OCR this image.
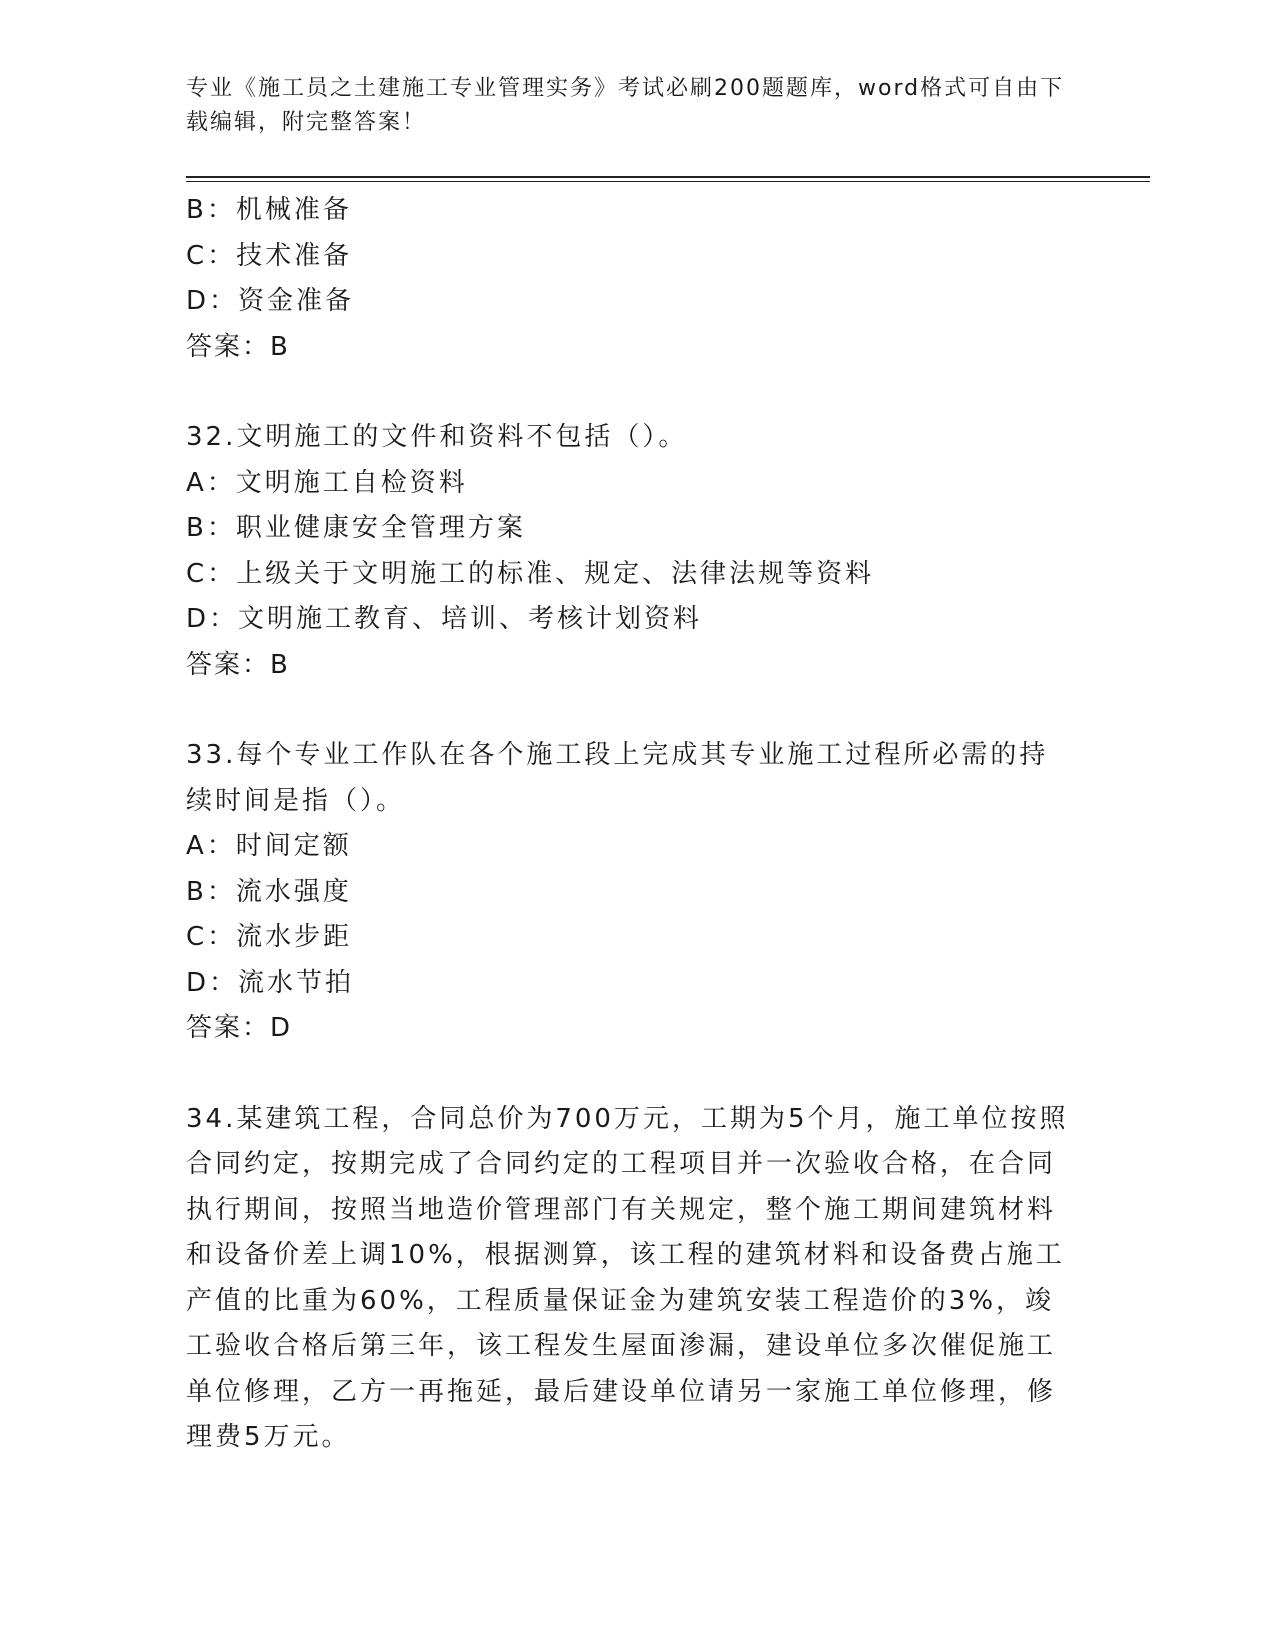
专业《施工员之土建施工专业管理实务》考试必刷200题题库，word格式可自由下载编辑，附完整答案！
B：机械准备
C：技术准备
D：资金准备
答案：B
32.文明施工的文件和资料不包括（）。
A：文明施工自检资料
B：职业健康安全管理方案
C：上级关于文明施工的标准、规定、法律法规等资料
D：文明施工教育、培训、考核计划资料
答案：B
33.每个专业工作队在各个施工段上完成其专业施工过程所必需的持续时间是指（）。
A：时间定额
B：流水强度
C：流水步距
D：流水节拍
答案：D
34.某建筑工程，合同总价为700万元，工期为5个月，施工单位按照合同约定，按期完成了合同约定的工程项目并一次验收合格，在合同执行期间，按照当地造价管理部门有关规定，整个施工期间建筑材料和设备价差上调10%，根据测算，该工程的建筑材料和设备费占施工产值的比重为60%，工程质量保证金为建筑安装工程造价的3%，竣工验收合格后第三年，该工程发生屋面渗漏，建设单位多次催促施工单位修理，乙方一再拖延，最后建设单位请另一家施工单位修理，修理费5万元。
